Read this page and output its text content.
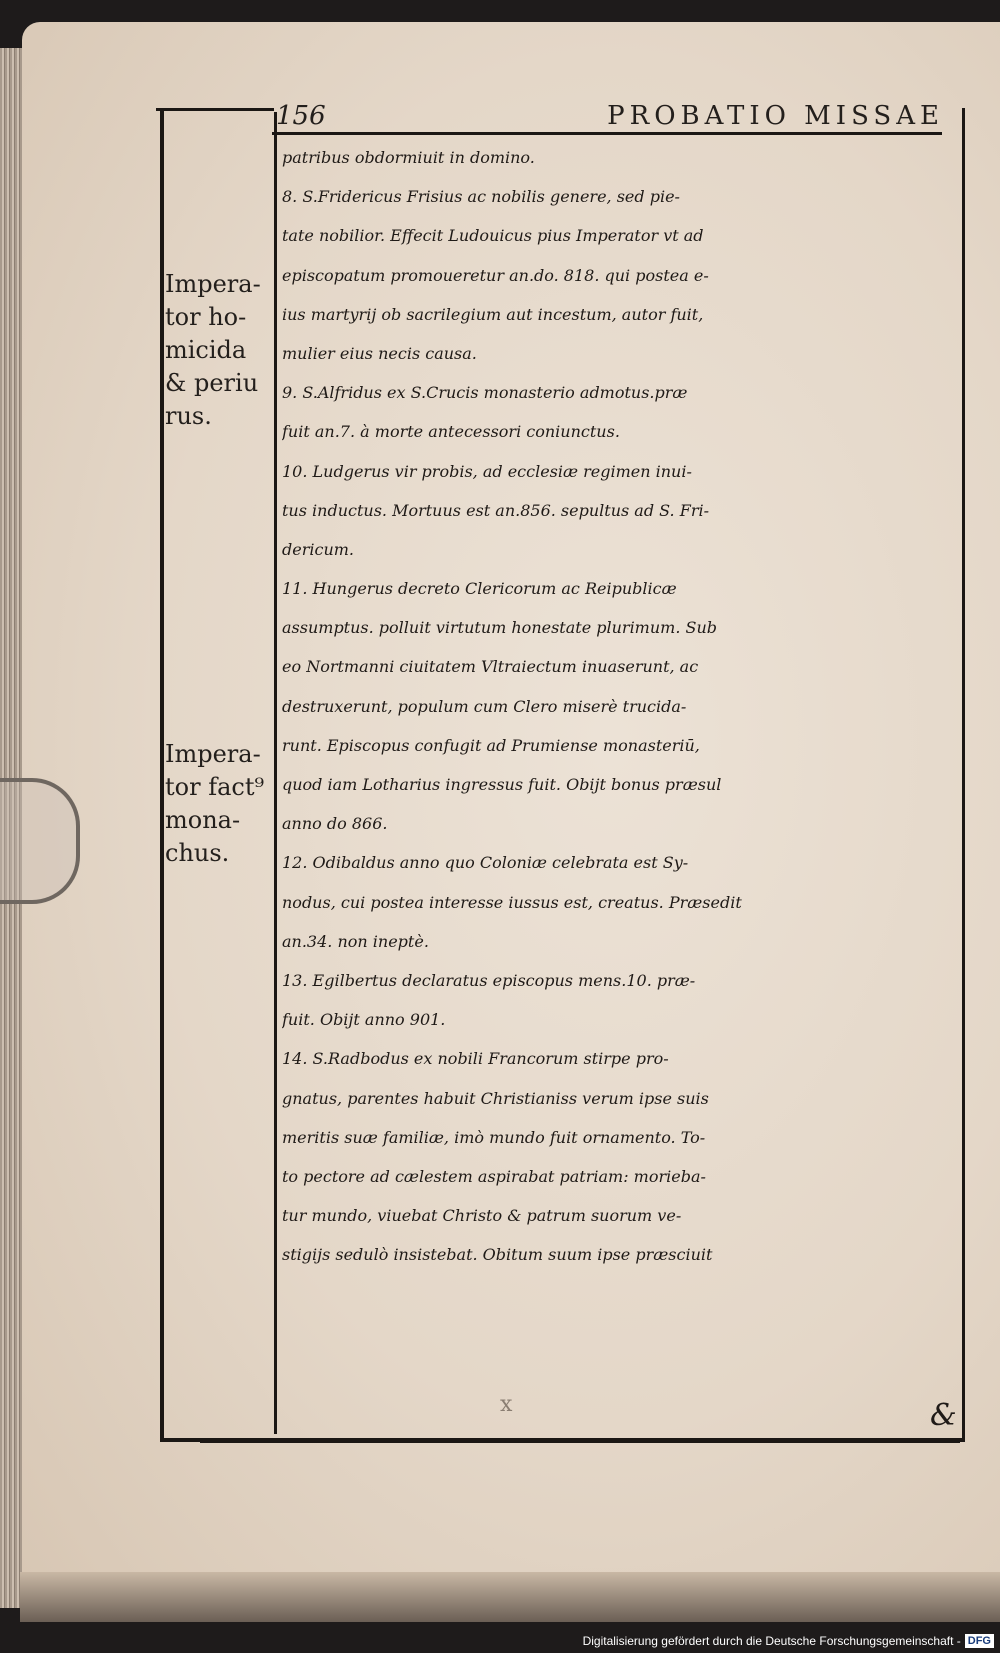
156	PROBATIO MISSAE
Impera-
tor ho-
micida
& periu
rus.
Impera-
tor fact⁹
mona-
chus.
patribus obdormiuit in domino.
8. S.Fridericus Frisius ac nobilis genere, sed pie-
tate nobilior. Effecit Ludouicus pius Imperator vt ad
episcopatum promoueretur an.do. 818. qui postea e-
ius martyrij ob sacrilegium aut incestum, autor fuit,
mulier eius necis causa.
9. S.Alfridus ex S.Crucis monasterio admotus.præ
fuit an.7. à morte antecessori coniunctus.
10. Ludgerus vir probis, ad ecclesiæ regimen inui-
tus inductus. Mortuus est an.856. sepultus ad S. Fri-
dericum.
11. Hungerus decreto Clericorum ac Reipublicæ
assumptus. polluit virtutum honestate plurimum. Sub
eo Nortmanni ciuitatem Vltraiectum inuaserunt, ac
destruxerunt, populum cum Clero miserè trucida-
runt. Episcopus confugit ad Prumiense monasteriū,
quod iam Lotharius ingressus fuit. Obijt bonus præsul
anno do 866.
12. Odibaldus anno quo Coloniæ celebrata est Sy-
nodus, cui postea interesse iussus est, creatus. Præsedit
an.34. non ineptè.
13. Egilbertus declaratus episcopus mens.10. præ-
fuit. Obijt anno 901.
14. S.Radbodus ex nobili Francorum stirpe pro-
gnatus, parentes habuit Christianiss verum ipse suis
meritis suæ familiæ, imò mundo fuit ornamento. To-
to pectore ad cælestem aspirabat patriam: morieba-
tur mundo, viuebat Christo & patrum suorum ve-
stigijs sedulò insistebat. Obitum suum ipse præsciuit
x	&
Digitalisierung gefördert durch die Deutsche Forschungsgemeinschaft - DFG
